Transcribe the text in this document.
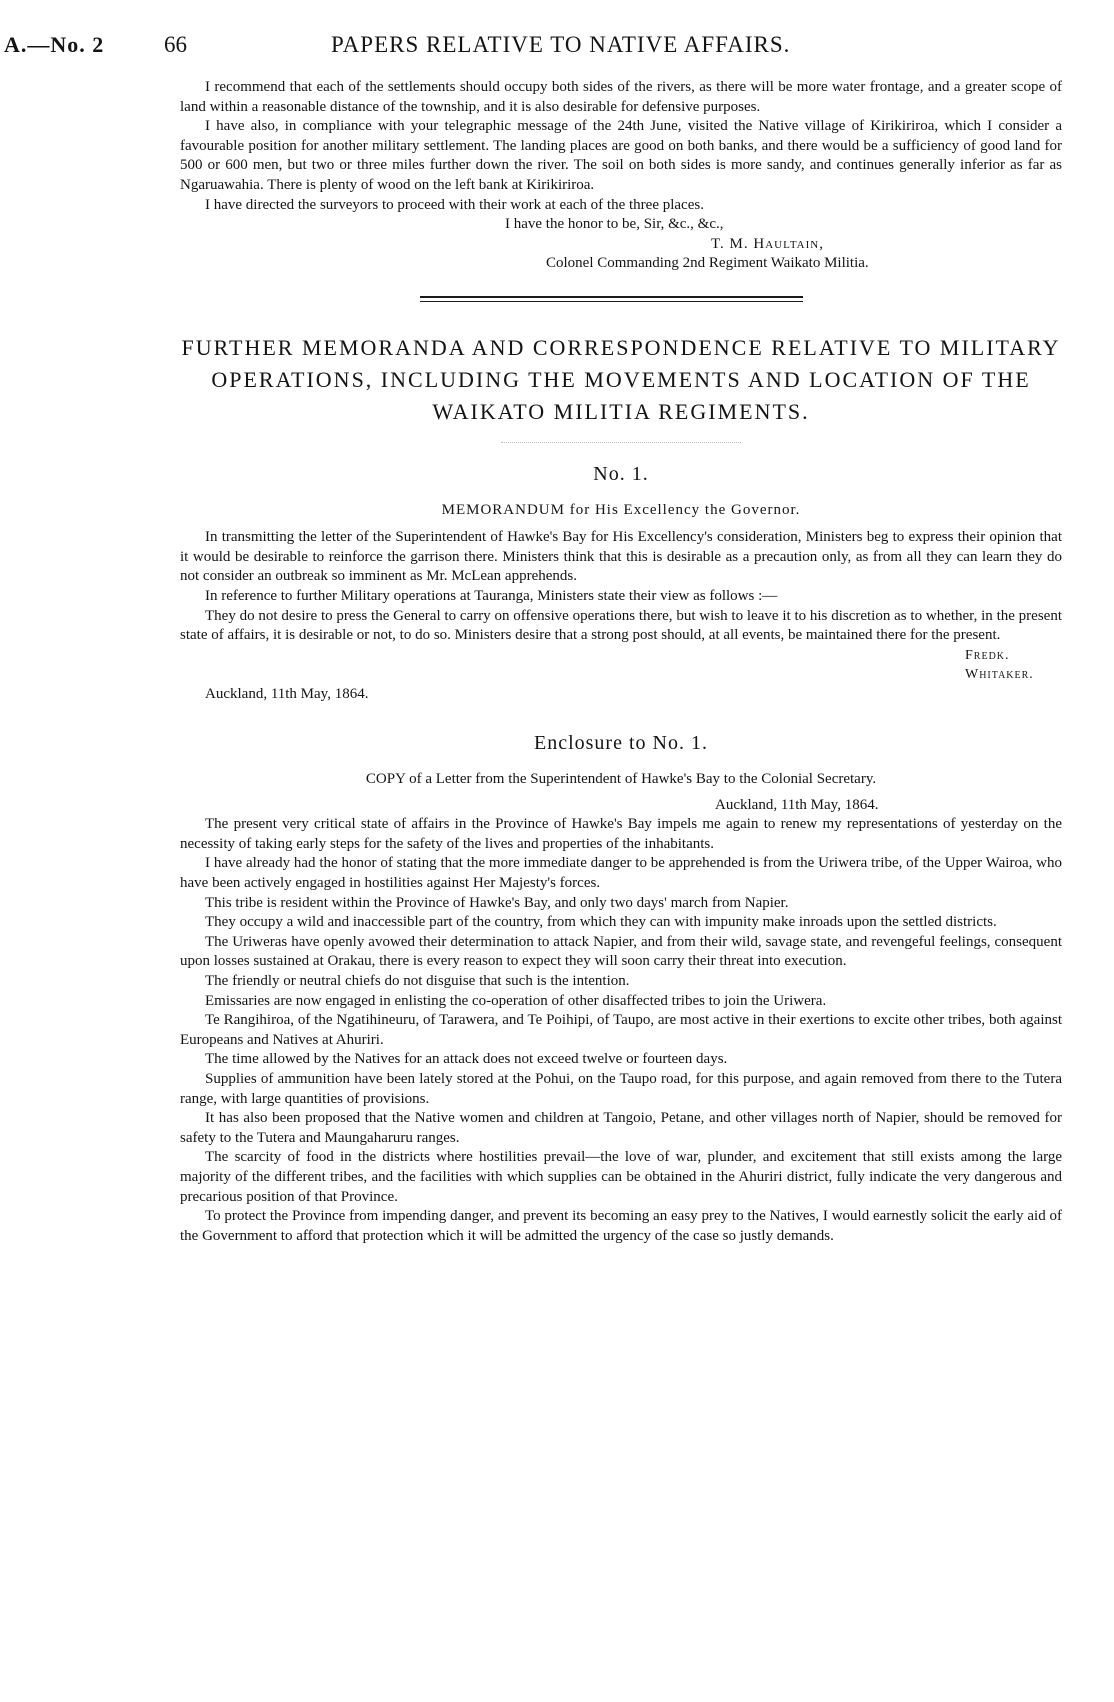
A.—No. 2	66	PAPERS RELATIVE TO NATIVE AFFAIRS.

I recommend that each of the settlements should occupy both sides of the rivers, as there will be more water frontage, and a greater scope of land within a reasonable distance of the township, and it is also desirable for defensive purposes.

I have also, in compliance with your telegraphic message of the 24th June, visited the Native village of Kirikiriroa, which I consider a favourable position for another military settlement. The landing places are good on both banks, and there would be a sufficiency of good land for 500 or 600 men, but two or three miles further down the river. The soil on both sides is more sandy, and continues generally inferior as far as Ngaruawahia. There is plenty of wood on the left bank at Kirikiriroa.

I have directed the surveyors to proceed with their work at each of the three places.

I have the honor to be, Sir, &c., &c.,

T. M. Haultain,

Colonel Commanding 2nd Regiment Waikato Militia.

FURTHER MEMORANDA AND CORRESPONDENCE RELATIVE TO MILITARY OPERATIONS, INCLUDING THE MOVEMENTS AND LOCATION OF THE WAIKATO MILITIA REGIMENTS.

No. 1.

MEMORANDUM for His Excellency the Governor.

In transmitting the letter of the Superintendent of Hawke's Bay for His Excellency's consideration, Ministers beg to express their opinion that it would be desirable to reinforce the garrison there. Ministers think that this is desirable as a precaution only, as from all they can learn they do not consider an outbreak so imminent as Mr. McLean apprehends.

In reference to further Military operations at Tauranga, Ministers state their view as follows :—

They do not desire to press the General to carry on offensive operations there, but wish to leave it to his discretion as to whether, in the present state of affairs, it is desirable or not, to do so. Ministers desire that a strong post should, at all events, be maintained there for the present.

Fredk. Whitaker.

Auckland, 11th May, 1864.

Enclosure to No. 1.

COPY of a Letter from the Superintendent of Hawke's Bay to the Colonial Secretary.

Auckland, 11th May, 1864.

The present very critical state of affairs in the Province of Hawke's Bay impels me again to renew my representations of yesterday on the necessity of taking early steps for the safety of the lives and properties of the inhabitants.

I have already had the honor of stating that the more immediate danger to be apprehended is from the Uriwera tribe, of the Upper Wairoa, who have been actively engaged in hostilities against Her Majesty's forces.

This tribe is resident within the Province of Hawke's Bay, and only two days' march from Napier.

They occupy a wild and inaccessible part of the country, from which they can with impunity make inroads upon the settled districts.

The Uriweras have openly avowed their determination to attack Napier, and from their wild, savage state, and revengeful feelings, consequent upon losses sustained at Orakau, there is every reason to expect they will soon carry their threat into execution.

The friendly or neutral chiefs do not disguise that such is the intention.

Emissaries are now engaged in enlisting the co-operation of other disaffected tribes to join the Uriwera.

Te Rangihiroa, of the Ngatihineuru, of Tarawera, and Te Poihipi, of Taupo, are most active in their exertions to excite other tribes, both against Europeans and Natives at Ahuriri.

The time allowed by the Natives for an attack does not exceed twelve or fourteen days.

Supplies of ammunition have been lately stored at the Pohui, on the Taupo road, for this purpose, and again removed from there to the Tutera range, with large quantities of provisions.

It has also been proposed that the Native women and children at Tangoio, Petane, and other villages north of Napier, should be removed for safety to the Tutera and Maungaharuru ranges.

The scarcity of food in the districts where hostilities prevail—the love of war, plunder, and excitement that still exists among the large majority of the different tribes, and the facilities with which supplies can be obtained in the Ahuriri district, fully indicate the very dangerous and precarious position of that Province.

To protect the Province from impending danger, and prevent its becoming an easy prey to the Natives, I would earnestly solicit the early aid of the Government to afford that protection which it will be admitted the urgency of the case so justly demands.
